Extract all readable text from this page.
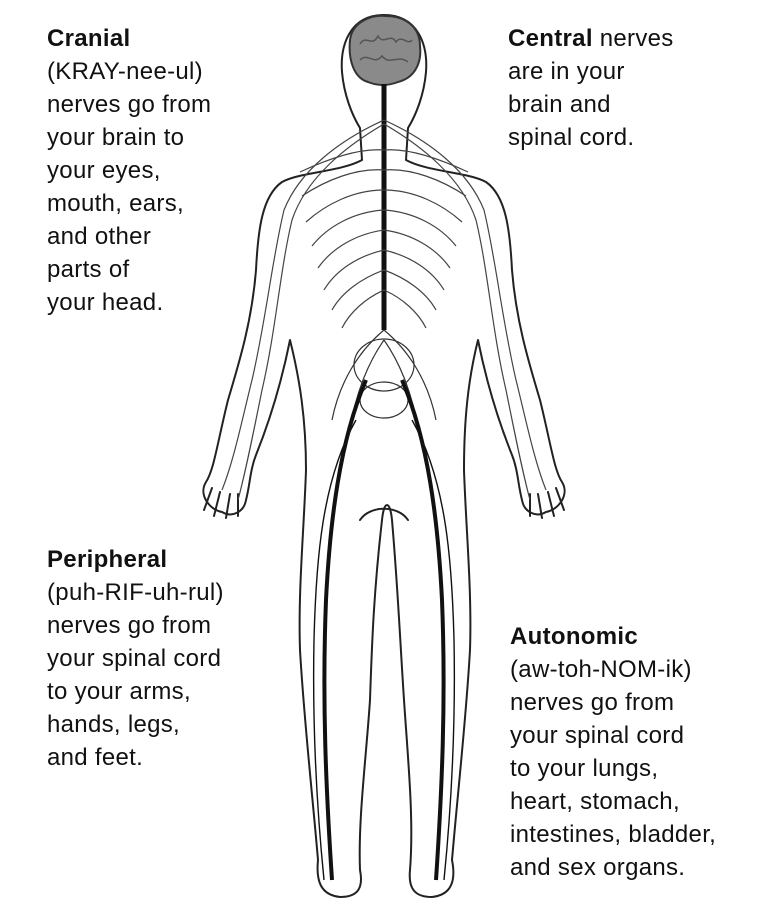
Cranial
(KRAY-nee-ul)
nerves go from
your brain to
your eyes,
mouth, ears,
and other
parts of
your head.
Central nerves
are in your
brain and
spinal cord.
Peripheral
(puh-RIF-uh-rul)
nerves go from
your spinal cord
to your arms,
hands, legs,
and feet.
Autonomic
(aw-toh-NOM-ik)
nerves go from
your spinal cord
to your lungs,
heart, stomach,
intestines, bladder,
and sex organs.
